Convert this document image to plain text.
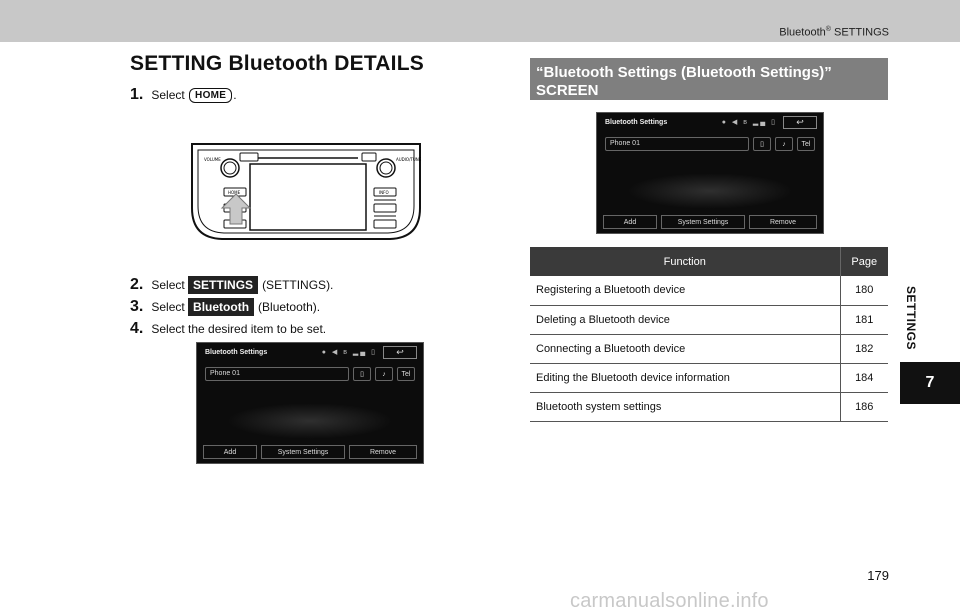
Bluetooth® SETTINGS
SETTINGS
7
SETTING Bluetooth DETAILS
1. Select
	HOME .
VOLUME	AUDIO/TUNE
HOME	INFO
2. Select
SETTINGS (SETTINGS).
3. Select
Bluetooth (Bluetooth).
4. Select the desired item to be set.
Bluetooth Settings	● ◀ ʙ ▂▄ ▯ ↩
Phone 01	▯	♪	Tel
Add	System Settings	Remove
“Bluetooth Settings (Bluetooth Settings)”
SCREEN
Bluetooth Settings	● ◀ ʙ ▂▄ ▯ ↩
Phone 01	▯	♪	Tel
Add	System Settings	Remove
Function	Page
Registering a Bluetooth device	180
Deleting a Bluetooth device	181
Connecting a Bluetooth device	182
Editing the Bluetooth device information	184
Bluetooth system settings	186
179
carmanualsonline.info
